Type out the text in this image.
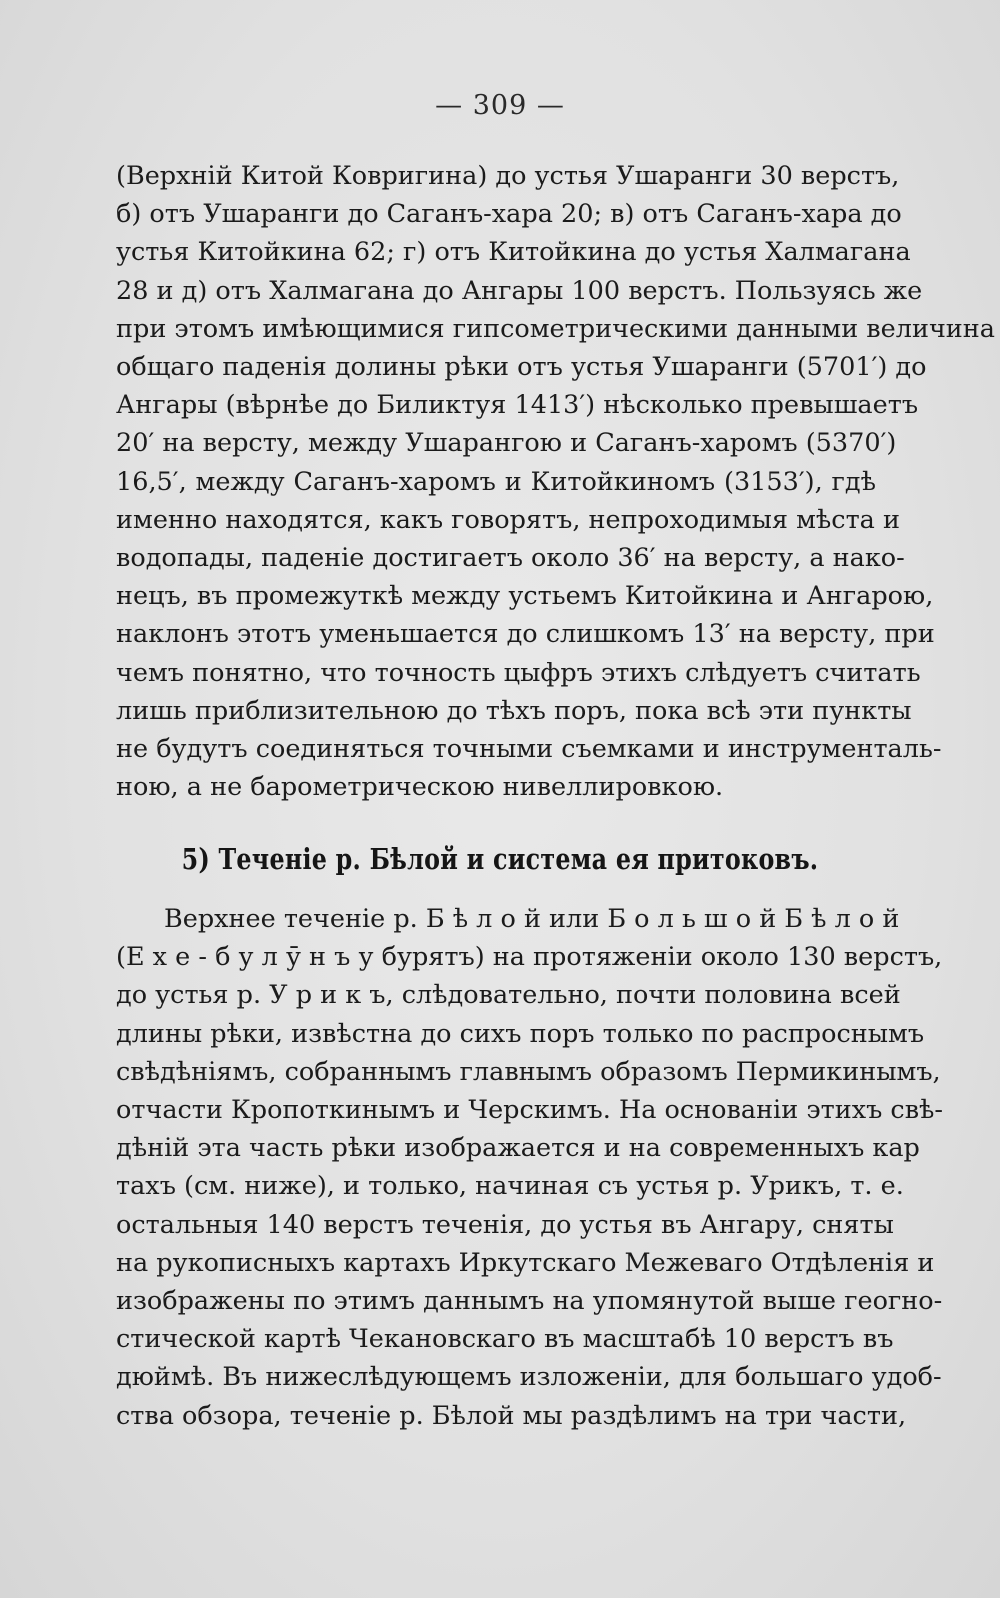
— 309 —
(Верхній Китой Ковригина) до устья Ушаранги 30 верстъ,
б) отъ Ушаранги до Саганъ-хара 20; в) отъ Саганъ-хара до
устья Китойкина 62; г) отъ Китойкина до устья Халмагана
28 и д) отъ Халмагана до Ангары 100 верстъ. Пользуясь же
при этомъ имѣющимися гипсометрическими данными величина
общаго паденія долины рѣки отъ устья Ушаранги (5701′) до
Ангары (вѣрнѣе до Биликтуя 1413′) нѣсколько превышаетъ
20′ на версту, между Ушарангою и Саганъ-харомъ (5370′)
16,5′, между Саганъ-харомъ и Китойкиномъ (3153′), гдѣ
именно находятся, какъ говорятъ, непроходимыя мѣста и
водопады, паденіе достигаетъ около 36′ на версту, а нако-
нецъ, въ промежуткѣ между устьемъ Китойкина и Ангарою,
наклонъ этотъ уменьшается до слишкомъ 13′ на версту, при
чемъ понятно, что точность цыфръ этихъ слѣдуетъ считать
лишь приблизительною до тѣхъ поръ, пока всѣ эти пункты
не будутъ соединяться точными съемками и инструменталь-
ною, а не барометрическою нивеллировкою.
5) Теченіе р. Бѣлой и система ея притоковъ.
Верхнее теченіе р. Б ѣ л о й или Б о л ь ш о й Б ѣ л о й
(Е х е - б у л ӯ н ъ у бурятъ) на протяженіи около 130 верстъ,
до устья р. У р и к ъ, слѣдовательно, почти половина всей
длины рѣки, извѣстна до сихъ поръ только по распроснымъ
свѣдѣніямъ, собраннымъ главнымъ образомъ Пермикинымъ,
отчасти Кропоткинымъ и Черскимъ. На основаніи этихъ свѣ-
дѣній эта часть рѣки изображается и на современныхъ кар
тахъ (см. ниже), и только, начиная съ устья р. Урикъ, т. е.
остальныя 140 верстъ теченія, до устья въ Ангару, сняты
на рукописныхъ картахъ Иркутскаго Межеваго Отдѣленія и
изображены по этимъ даннымъ на упомянутой выше геогно-
стической картѣ Чекановскаго въ масштабѣ 10 верстъ въ
дюймѣ. Въ нижеслѣдующемъ изложеніи, для большаго удоб-
ства обзора, теченіе р. Бѣлой мы раздѣлимъ на три части,
